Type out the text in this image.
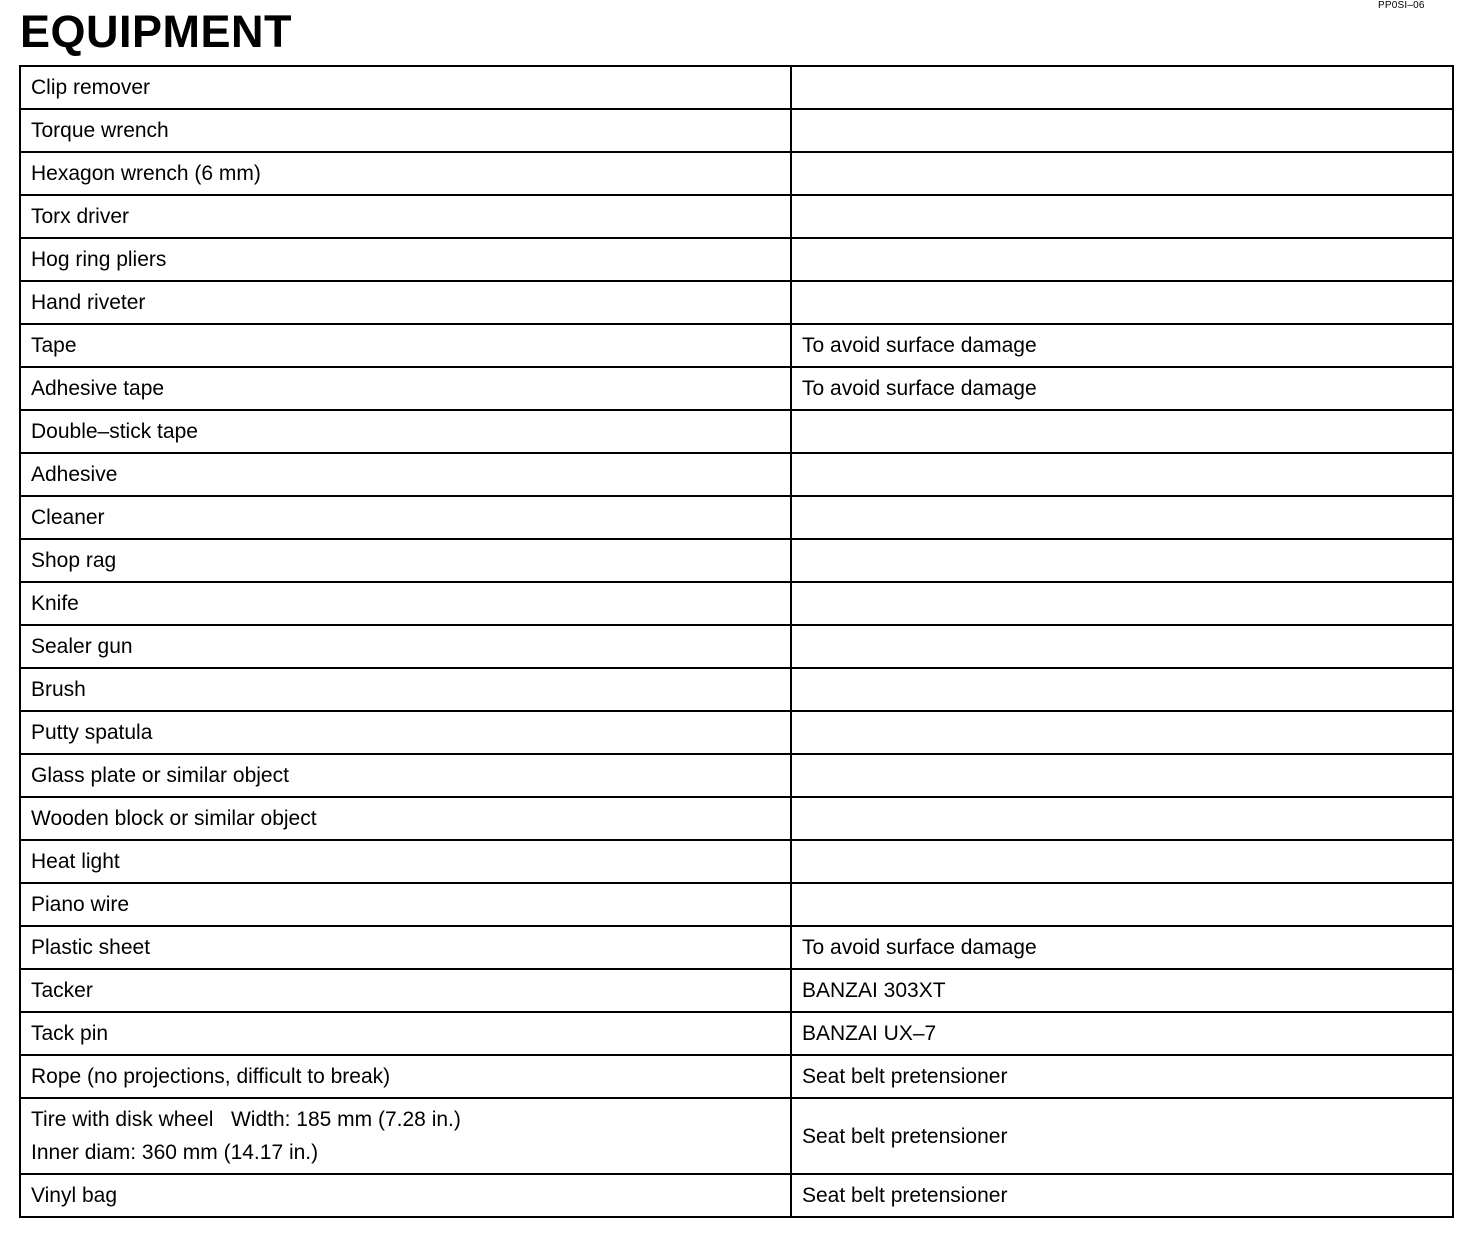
PP0SI–06
EQUIPMENT
Clip remover	
Torque wrench	
Hexagon wrench (6 mm)	
Torx driver	
Hog ring pliers	
Hand riveter	
Tape	To avoid surface damage
Adhesive tape	To avoid surface damage
Double–stick tape	
Adhesive	
Cleaner	
Shop rag	
Knife	
Sealer gun	
Brush	
Putty spatula	
Glass plate or similar object	
Wooden block or similar object	
Heat light	
Piano wire	
Plastic sheet	To avoid surface damage
Tacker	BANZAI 303XT
Tack pin	BANZAI UX–7
Rope (no projections, difficult to break)	Seat belt pretensioner

Tire with disk wheel   Width: 185 mm (7.28 in.)
Inner diam: 360 mm (14.17 in.)	Seat belt pretensioner
Vinyl bag	Seat belt pretensioner
